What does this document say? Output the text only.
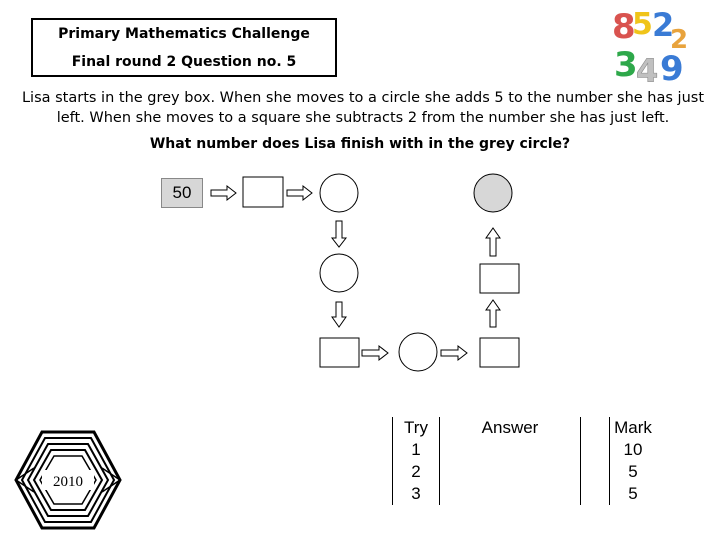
Primary Mathematics Challenge
Final round 2 Question no. 5
8
5 2
3
4 9
2
Lisa starts in the grey box. When she moves to a circle she adds 5 to the number she has just left. When she moves to a square she subtracts 2 from the number she has just left.
What number does Lisa finish with in the grey circle?
50
Try	Answer		Mark
1			10
2			5
3			5
2010
